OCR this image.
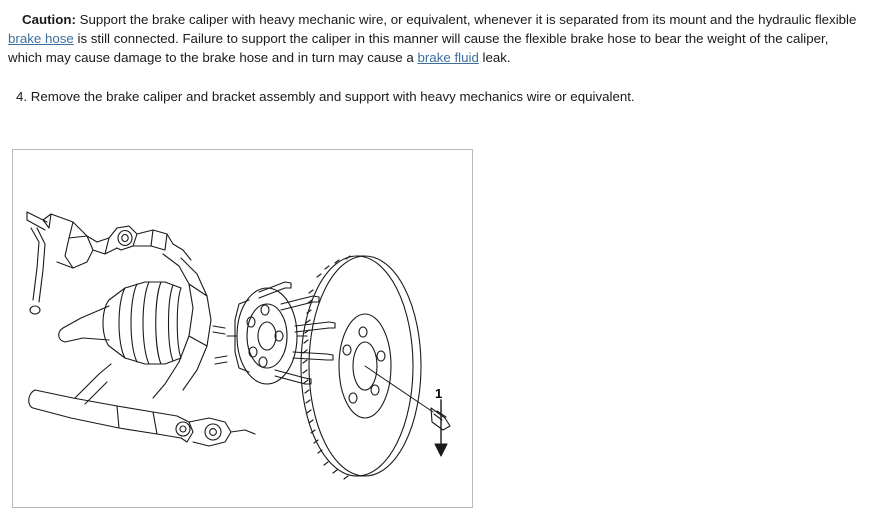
Caution: Support the brake caliper with heavy mechanic wire, or equivalent, whenever it is separated from its mount and the hydraulic flexible brake hose is still connected. Failure to support the caliper in this manner will cause the flexible brake hose to bear the weight of the caliper, which may cause damage to the brake hose and in turn may cause a brake fluid leak.

4. Remove the brake caliper and bracket assembly and support with heavy mechanics wire or equivalent.
1
